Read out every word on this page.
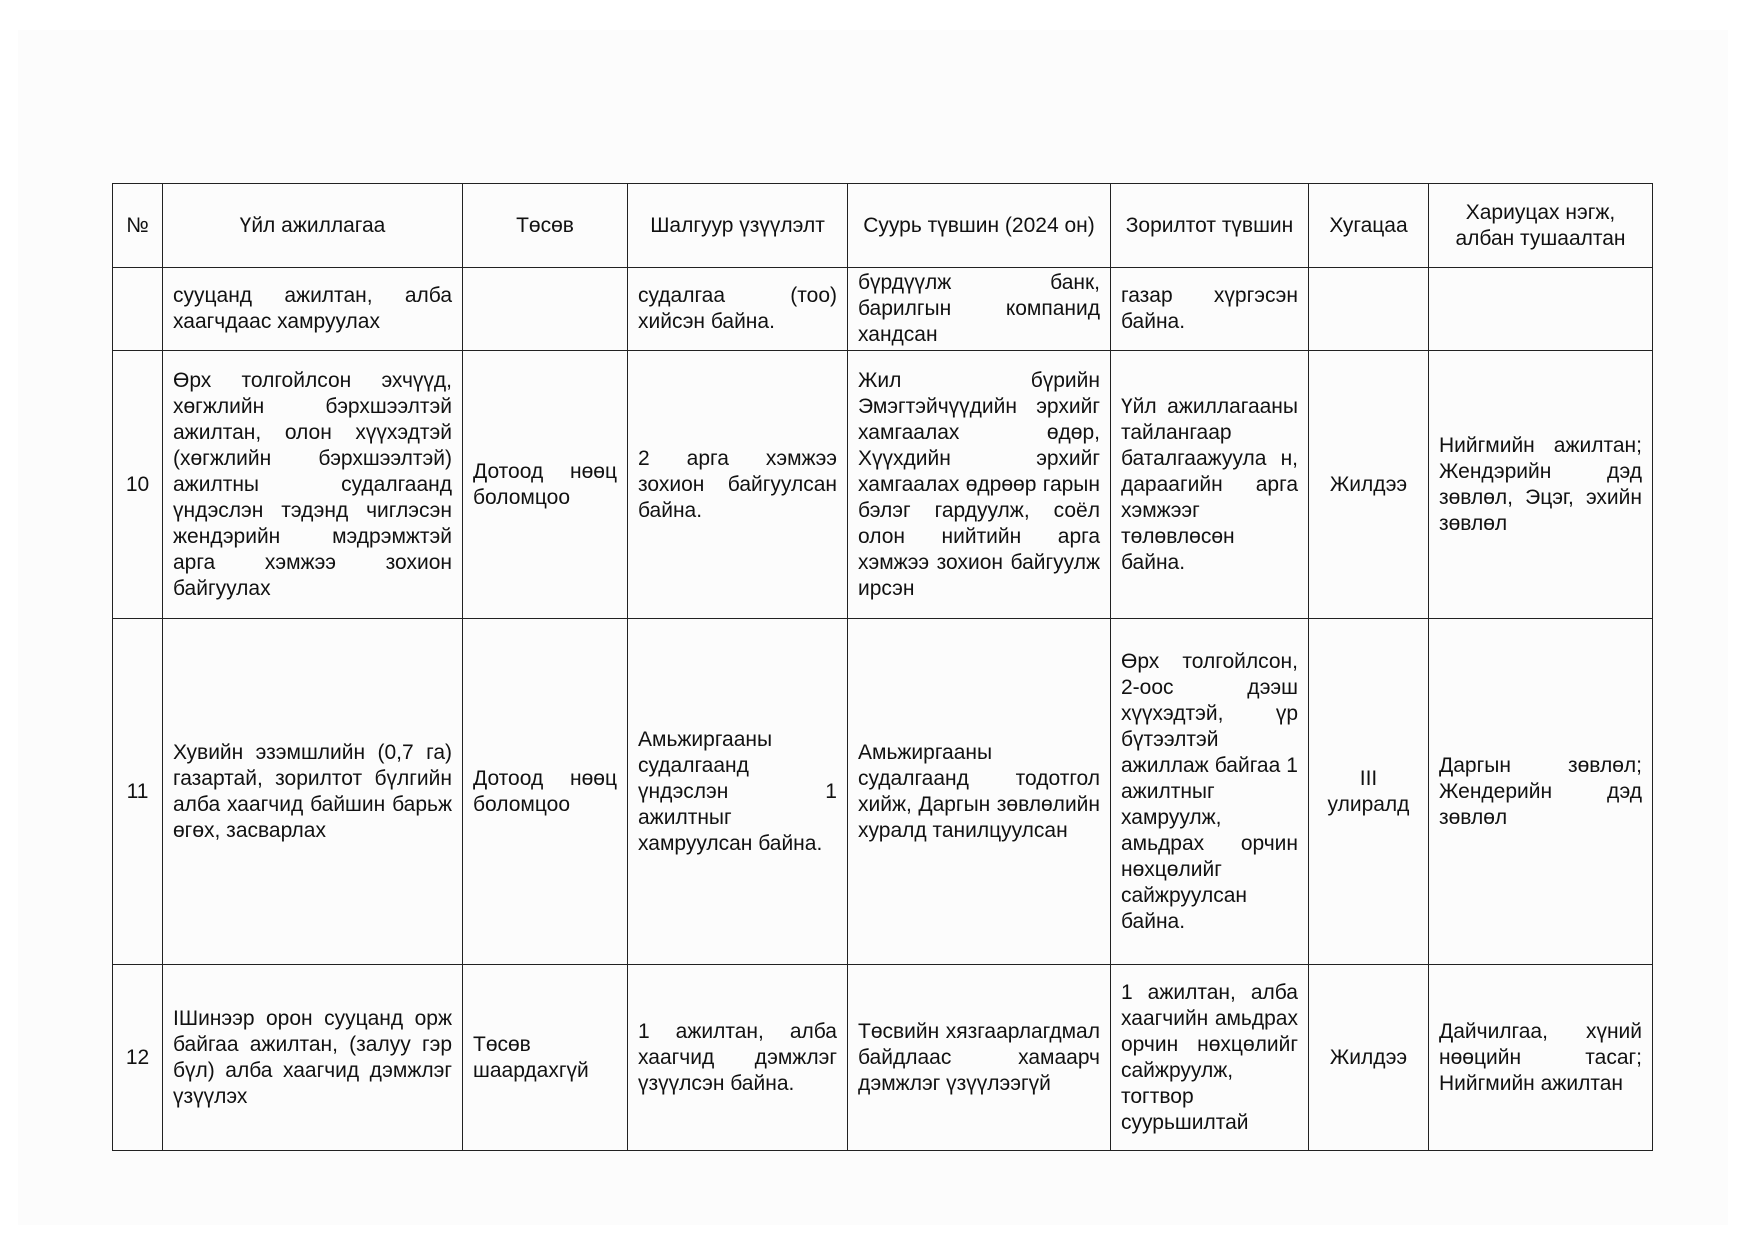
№	Үйл ажиллагаа	Төсөв	Шалгуур үзүүлэлт	Суурь түвшин (2024 он)	Зорилтот түвшин	Хугацаа	Хариуцах нэгж, албан тушаалтан
	сууцанд ажилтан, алба хаагчдаас хамруулах		судалгаа (тоо) хийсэн байна.	бүрдүүлж банк, барилгын компанид хандсан	газар хүргэсэн байна.		
10	Өрх толгойлсон эхчүүд, хөгжлийн бэрхшээлтэй ажилтан, олон хүүхэдтэй (хөгжлийн бэрхшээлтэй) ажилтны судалгаанд үндэслэн тэдэнд чиглэсэн жендэрийн мэдрэмжтэй арга хэмжээ зохион байгуулах	Дотоод нөөц боломцоо	2 арга хэмжээ зохион байгуулсан байна.	Жил бүрийн Эмэгтэйчүүдийн эрхийг хамгаалах өдөр, Хүүхдийн эрхийг хамгаалах өдрөөр гарын бэлэг гардуулж, соёл олон нийтийн арга хэмжээ зохион байгуулж ирсэн	Үйл ажиллагааны тайлангаар баталгаажуула н, дараагийн арга хэмжээг төлөвлөсөн байна.	Жилдээ	Нийгмийн ажилтан; Жендэрийн дэд зөвлөл, Эцэг, эхийн зөвлөл
11	Хувийн эзэмшлийн (0,7 га) газартай, зорилтот бүлгийн алба хаагчид байшин барьж өгөх, засварлах	Дотоод нөөц боломцоо	Амьжиргааны судалгаанд үндэслэн 1 ажилтныг хамруулсан байна.	Амьжиргааны судалгаанд тодотгол хийж, Даргын зөвлөлийн хуралд танилцуулсан	Өрх толгойлсон, 2-оос дээш хүүхэдтэй, үр бүтээлтэй ажиллаж байгаа 1 ажилтныг хамруулж, амьдрах орчин нөхцөлийг сайжруулсан байна.	III улиралд	Даргын зөвлөл; Жендерийн дэд зөвлөл
12	IШинээр орон сууцанд орж байгаа ажилтан, (залуу гэр бүл) алба хаагчид дэмжлэг үзүүлэх	Төсөв шаардахгүй	1 ажилтан, алба хаагчид дэмжлэг үзүүлсэн байна.	Төсвийн хязгаарлагдмал байдлаас хамаарч дэмжлэг үзүүлээгүй	1 ажилтан, алба хаагчийн амьдрах орчин нөхцөлийг сайжруулж, тогтвор суурьшилтай	Жилдээ	Дайчилгаа, хүний нөөцийн тасаг; Нийгмийн ажилтан
